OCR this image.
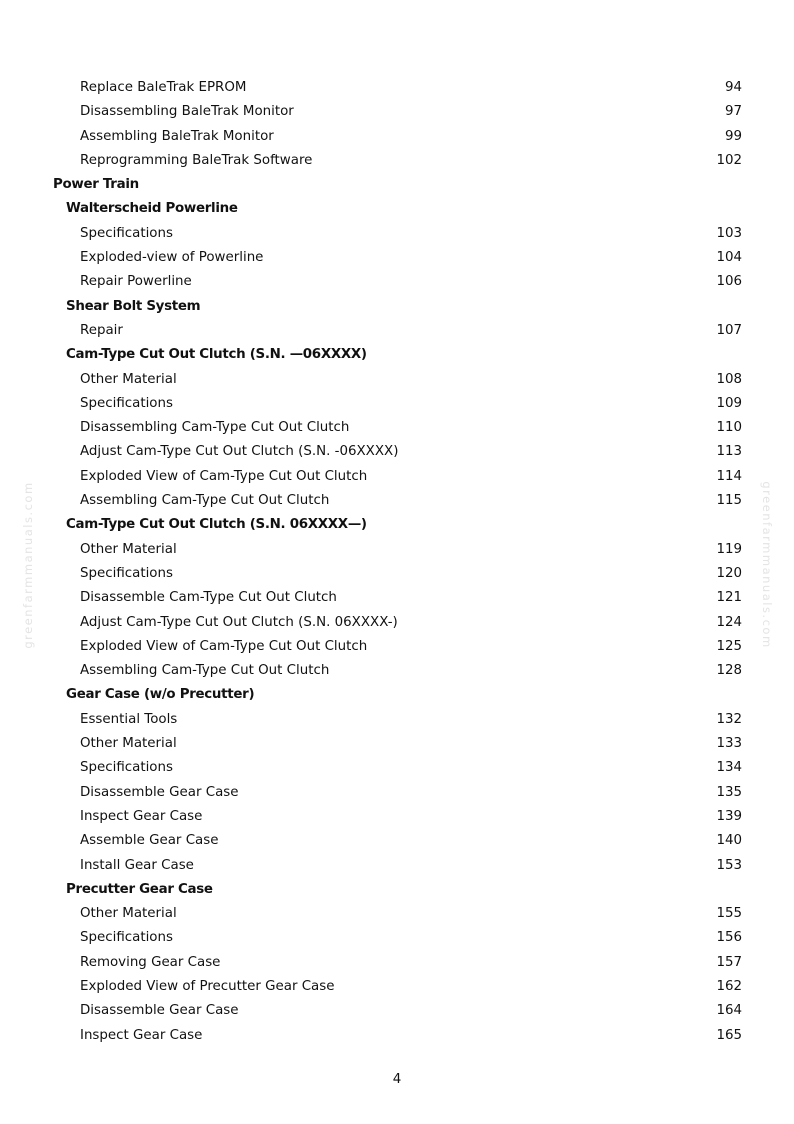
greenfarmmanuals.com	greenfarmmanuals.com
Replace BaleTrak EPROM	94
Disassembling BaleTrak Monitor	97
Assembling BaleTrak Monitor	99
Reprogramming BaleTrak Software	102
Power Train
Walterscheid Powerline
Specifications	103
Exploded-view of Powerline	104
Repair Powerline	106
Shear Bolt System
Repair	107
Cam-Type Cut Out Clutch (S.N. —06XXXX)
Other Material	108
Specifications	109
Disassembling Cam-Type Cut Out Clutch	110
Adjust Cam-Type Cut Out Clutch (S.N. -06XXXX)	113
Exploded View of Cam-Type Cut Out Clutch	114
Assembling Cam-Type Cut Out Clutch	115
Cam-Type Cut Out Clutch (S.N. 06XXXX—)
Other Material	119
Specifications	120
Disassemble Cam-Type Cut Out Clutch	121
Adjust Cam-Type Cut Out Clutch (S.N. 06XXXX-)	124
Exploded View of Cam-Type Cut Out Clutch	125
Assembling Cam-Type Cut Out Clutch	128
Gear Case (w/o Precutter)
Essential Tools	132
Other Material	133
Specifications	134
Disassemble Gear Case	135
Inspect Gear Case	139
Assemble Gear Case	140
Install Gear Case	153
Precutter Gear Case
Other Material	155
Specifications	156
Removing Gear Case	157
Exploded View of Precutter Gear Case	162
Disassemble Gear Case	164
Inspect Gear Case	165
4
